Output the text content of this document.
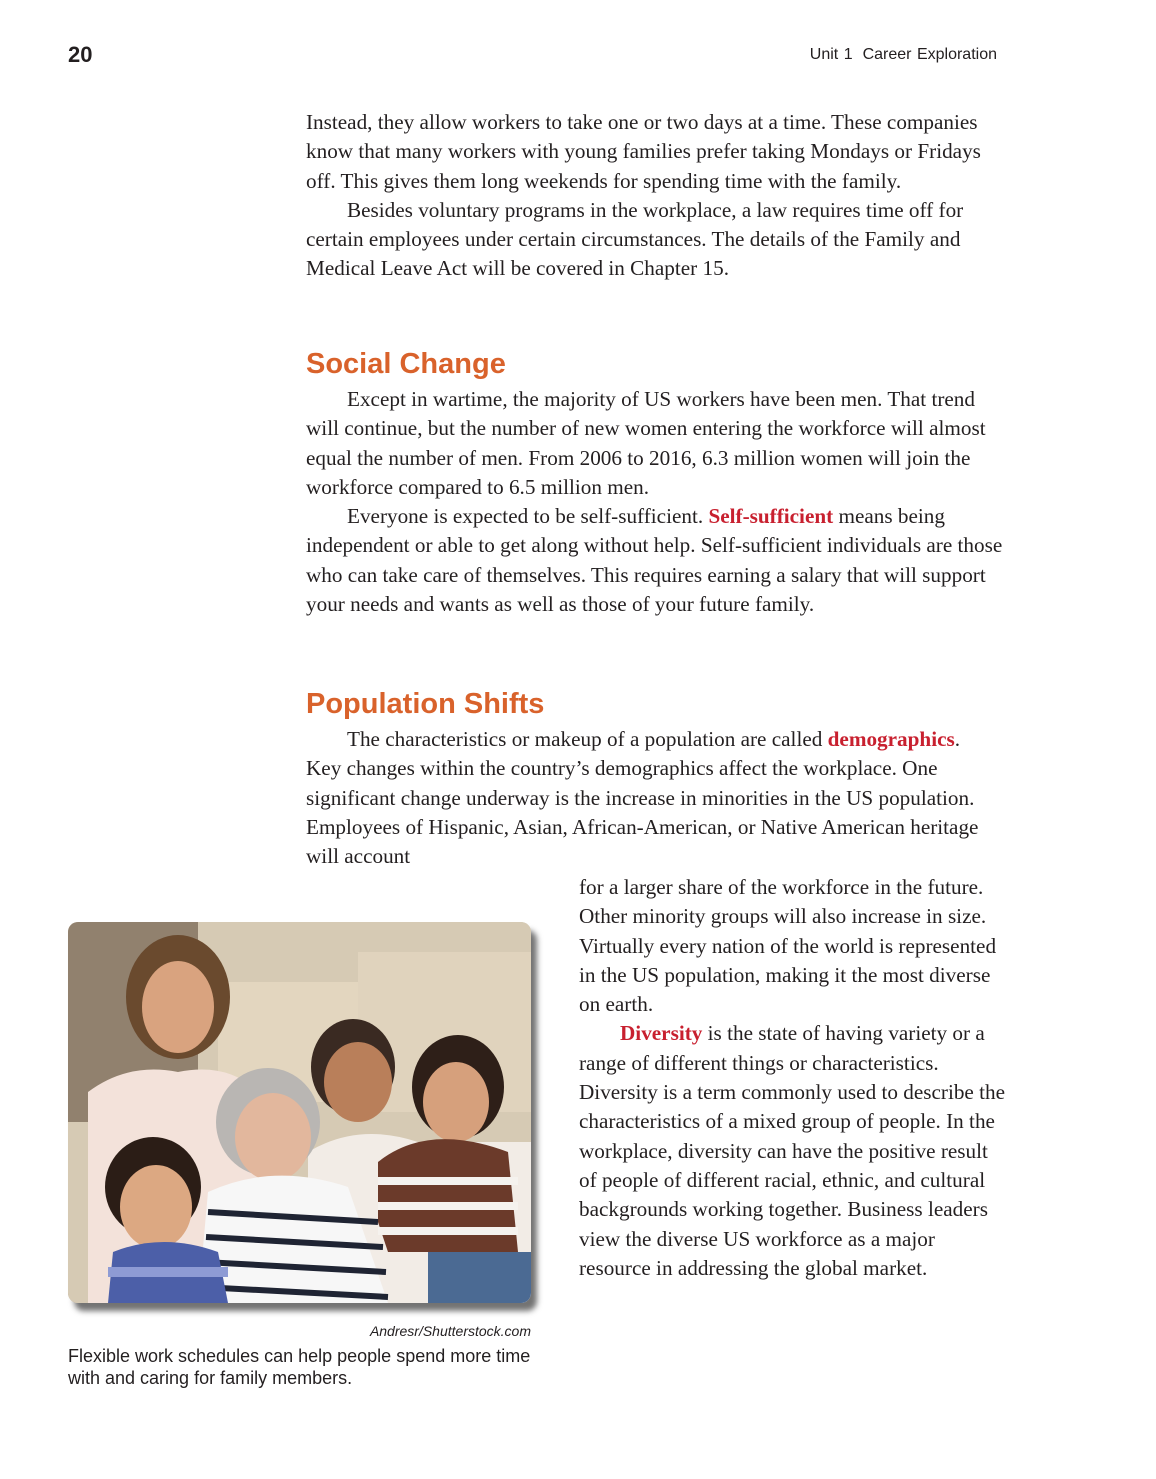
20	Unit 1 Career Exploration

Instead, they allow workers to take one or two days at a time. These companies know that many workers with young families prefer taking Mondays or Fridays off. This gives them long weekends for spending time with the family.

Besides voluntary programs in the workplace, a law requires time off for certain employees under certain circumstances. The details of the Family and Medical Leave Act will be covered in Chapter 15.

Social Change

Except in wartime, the majority of US workers have been men. That trend will continue, but the number of new women entering the workforce will almost equal the number of men. From 2006 to 2016, 6.3 million women will join the workforce compared to 6.5 million men.

Everyone is expected to be self-sufficient. Self-sufficient means being independent or able to get along without help. Self-sufficient individuals are those who can take care of themselves. This requires earning a salary that will support your needs and wants as well as those of your future family.

Population Shifts

The characteristics or makeup of a population are called demographics. Key changes within the country’s demographics affect the workplace. One significant change underway is the increase in minorities in the US population. Employees of Hispanic, Asian, African-American, or Native American heritage will account

for a larger share of the workforce in the future. Other minority groups will also increase in size. Virtually every nation of the world is represented in the US population, making it the most diverse on earth.

Diversity is the state of having variety or a range of different things or characteristics. Diversity is a term commonly used to describe the characteristics of a mixed group of people. In the workplace, diversity can have the positive result of people of different racial, ethnic, and cultural backgrounds working together. Business leaders view the diverse US workforce as a major resource in addressing the global market.

Andresr/Shutterstock.com
Flexible work schedules can help people spend more time with and caring for family members.
